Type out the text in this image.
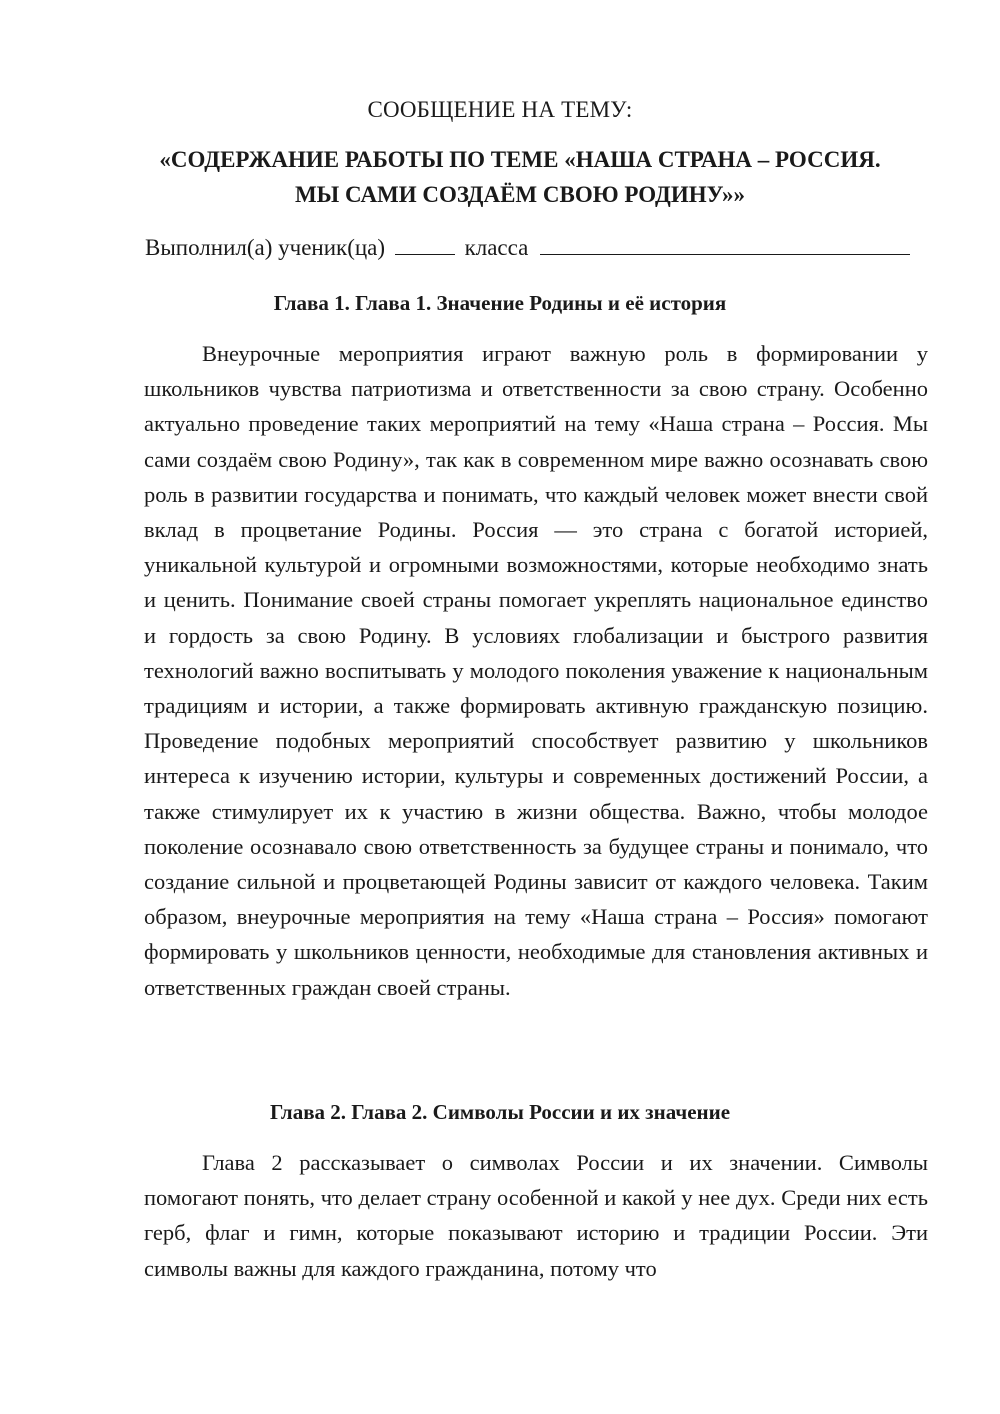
СООБЩЕНИЕ НА ТЕМУ:
«СОДЕРЖАНИЕ РАБОТЫ ПО ТЕМЕ «НАША СТРАНА – РОССИЯ.
МЫ САМИ СОЗДАЁМ СВОЮ РОДИНУ»»
Выполнил(а) ученик(ца)	класса
Глава 1. Глава 1. Значение Родины и её история
Внеурочные мероприятия играют важную роль в формировании у школьников чувства патриотизма и ответственности за свою страну. Особенно актуально проведение таких мероприятий на тему «Наша страна – Россия. Мы сами создаём свою Родину», так как в современном мире важно осознавать свою роль в развитии государства и понимать, что каждый человек может внести свой вклад в процветание Родины. Россия — это страна с богатой историей, уникальной культурой и огромными возможностями, которые необходимо знать и ценить. Понимание своей страны помогает укреплять национальное единство и гордость за свою Родину. В условиях глобализации и быстрого развития технологий важно воспитывать у молодого поколения уважение к национальным традициям и истории, а также формировать активную гражданскую позицию. Проведение подобных мероприятий способствует развитию у школьников интереса к изучению истории, культуры и современных достижений России, а также стимулирует их к участию в жизни общества. Важно, чтобы молодое поколение осознавало свою ответственность за будущее страны и понимало, что создание сильной и процветающей Родины зависит от каждого человека. Таким образом, внеурочные мероприятия на тему «Наша страна – Россия» помогают формировать у школьников ценности, необходимые для становления активных и ответственных граждан своей страны.
Глава 2. Глава 2. Символы России и их значение
Глава 2 рассказывает о символах России и их значении. Символы помогают понять, что делает страну особенной и какой у нее дух. Среди них есть герб, флаг и гимн, которые показывают историю и традиции России. Эти символы важны для каждого гражданина, потому что
